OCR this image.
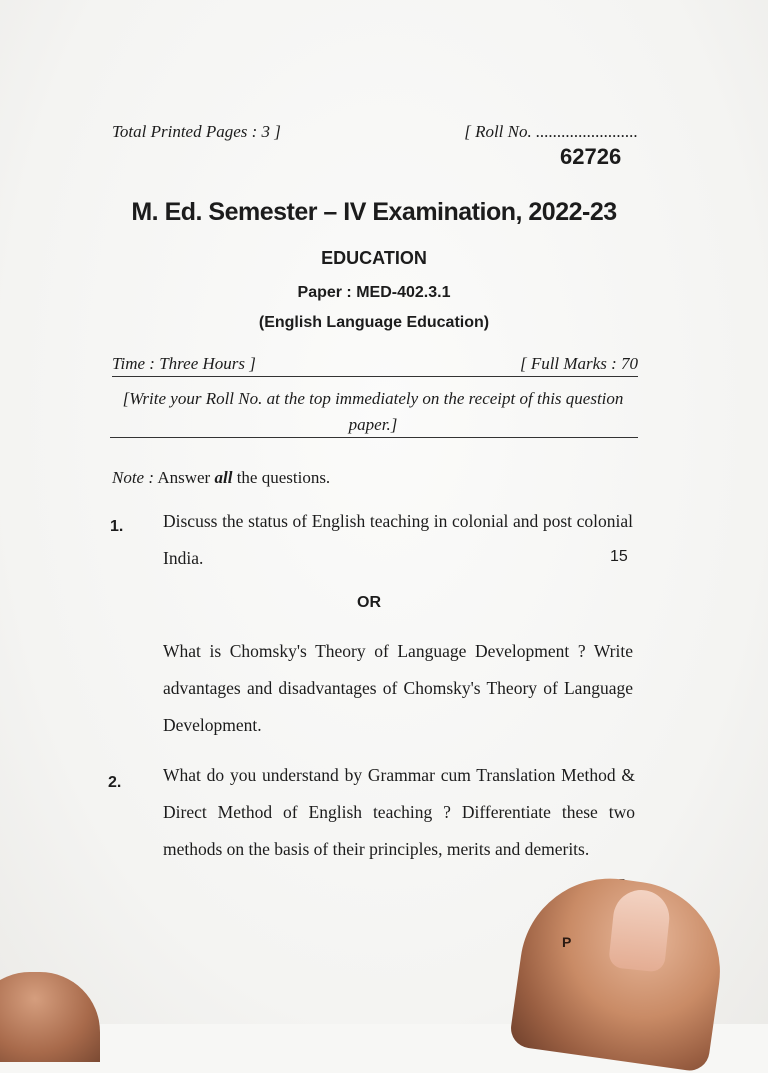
Total Printed Pages : 3 ]	[ Roll No. ........................
62726
M. Ed. Semester – IV Examination, 2022-23
EDUCATION
Paper : MED-402.3.1
(English Language Education)
Time : Three Hours ]	[ Full Marks : 70
[Write your Roll No. at the top immediately on the receipt of this question paper.]
Note : Answer all the questions.
1. Discuss the status of English teaching in colonial and post colonial India.	15
OR
What is Chomsky's Theory of Language Development ? Write advantages and disadvantages of Chomsky's Theory of Language Development.
2. What do you understand by Grammar cum Translation Method & Direct Method of English teaching ? Differentiate these two methods on the basis of their principles, merits and demerits.
P
